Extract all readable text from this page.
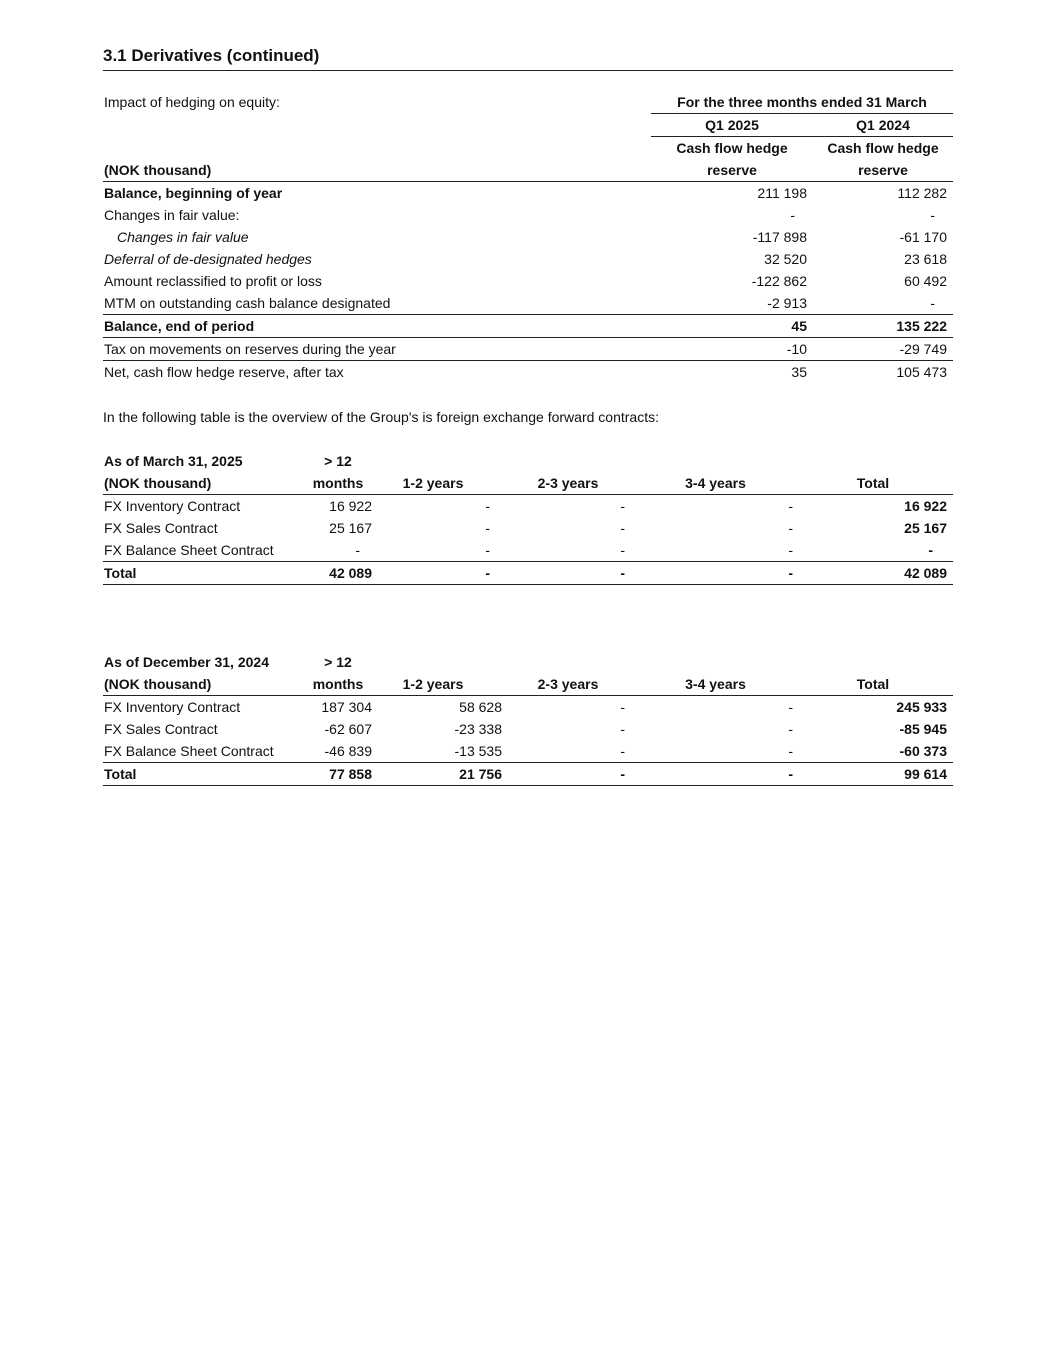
3.1 Derivatives (continued)
Impact of hedging on equity:	For the three months ended 31 March	
	Q1 2025	Q1 2024
	Cash flow hedge	Cash flow hedge
(NOK thousand)	reserve	reserve
Balance, beginning of year	211 198	112 282
Changes in fair value:	-	-
Changes in fair value	-117 898	-61 170
Deferral of de-designated hedges	32 520	23 618
Amount reclassified to profit or loss	-122 862	60 492
MTM on outstanding cash balance designated	-2 913	-
Balance, end of period	45	135 222
Tax on movements on reserves during the year	-10	-29 749
Net, cash flow hedge reserve, after tax	35	105 473
In the following table is the overview of the Group's is foreign exchange forward contracts:
As of March 31, 2025	> 12				
(NOK thousand)	months	1-2 years	2-3 years	3-4 years	Total
FX Inventory Contract	16 922	-	-	-	16 922
FX Sales Contract	25 167	-	-	-	25 167
FX Balance Sheet Contract	-	-	-	-	-
Total	42 089	-	-	-	42 089
As of December 31, 2024	> 12				
(NOK thousand)	months	1-2 years	2-3 years	3-4 years	Total
FX Inventory Contract	187 304	58 628	-	-	245 933
FX Sales Contract	-62 607	-23 338	-	-	-85 945
FX Balance Sheet Contract	-46 839	-13 535	-	-	-60 373
Total	77 858	21 756	-	-	99 614
